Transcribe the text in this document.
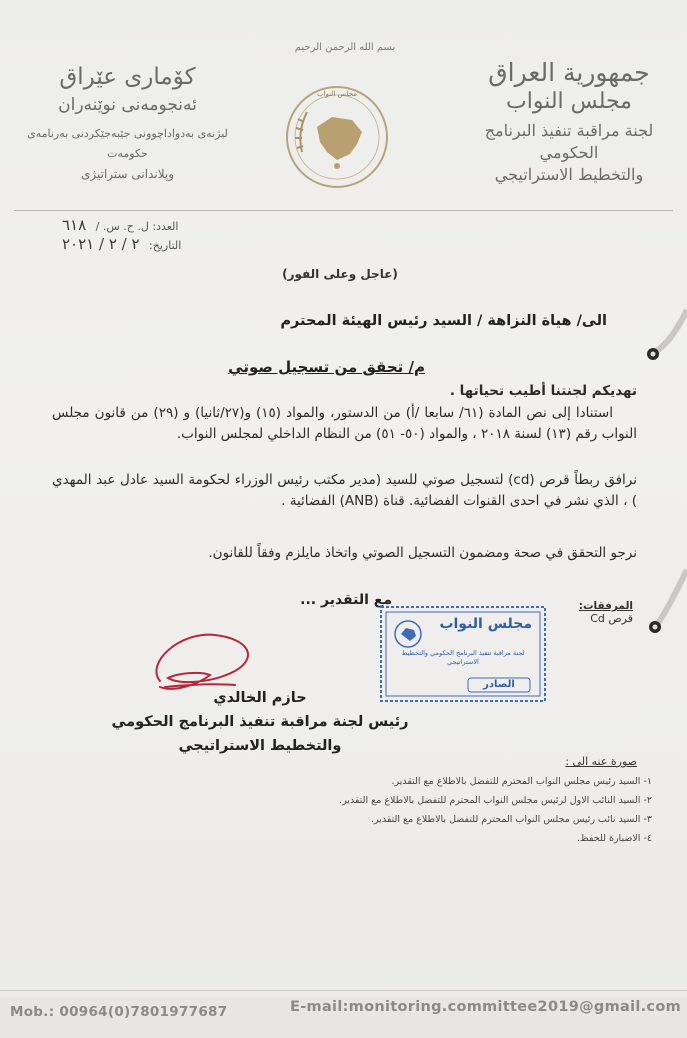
جمهورية العراق
مجلس النواب
لجنة مراقبة تنفيذ البرنامج الحكومي
والتخطيط الاستراتيجي
كۆماری عێراق
ئه‌نجومه‌نی نوێنه‌ران
لیژنه‌ی به‌دواداچوونی جێبه‌جێکردنی به‌رنامه‌ی حكومه‌ت
وپلاندانی ستراتیژی
بسم الله الرحمن الرحيم
مجلس النواب
العدد: ل. ح. س. / ٦١٨
التاريخ: ٢ / ٢ / ٢٠٢١
(عاجل وعلى الفور)
الى/ هياة النزاهة / السيد رئيس الهيئة المحترم
م/ تحقق من تسجيل صوتي
تهديكم لجنتنا أطيب تحياتها .
استنادا إلى نص المادة (٦١/ سابعا /أ) من الدستور، والمواد (١٥) و(٢٧/ثانيا) و (٢٩) من قانون مجلس النواب رقم (١٣) لسنة ٢٠١٨ ، والمواد (٥٠- ٥١) من النظام الداخلي لمجلس النواب.
نرافق ربطاً قرص (cd) لتسجيل صوتي للسيد (مدير مكتب رئيس الوزراء لحكومة السيد عادل عبد المهدي ) ، الذي نشر في احدى القنوات الفضائية. قناة (ANB) الفضائية .
نرجو التحقق في صحة ومضمون التسجيل الصوتي واتخاذ مايلزم وفقاً للقانون.
مع التقدير ...	المرفقات:
قرص Cd
مجلس النواب
لجنة مراقبة تنفيذ البرنامج الحكومي والتخطيط الاستراتيجي
الصادر
حازم الخالدي
رئيس لجنة مراقبة تنفيذ البرنامج الحكومي
والتخطيط الاستراتيجي
صورة عنه الى :
١- السيد رئيس مجلس النواب المحترم للتفضل بالاطلاع مع التقدير.
٢- السيد النائب الاول لرئيس مجلس النواب المحترم للتفضل بالاطلاع مع التقدير.
٣- السيد نائب رئيس مجلس النواب المحترم للتفضل بالاطلاع مع التقدير.
٤- الاضبارة للحفظ.
Mob.: 00964(0)7801977687	E-mail:monitoring.committee2019@gmail.com
